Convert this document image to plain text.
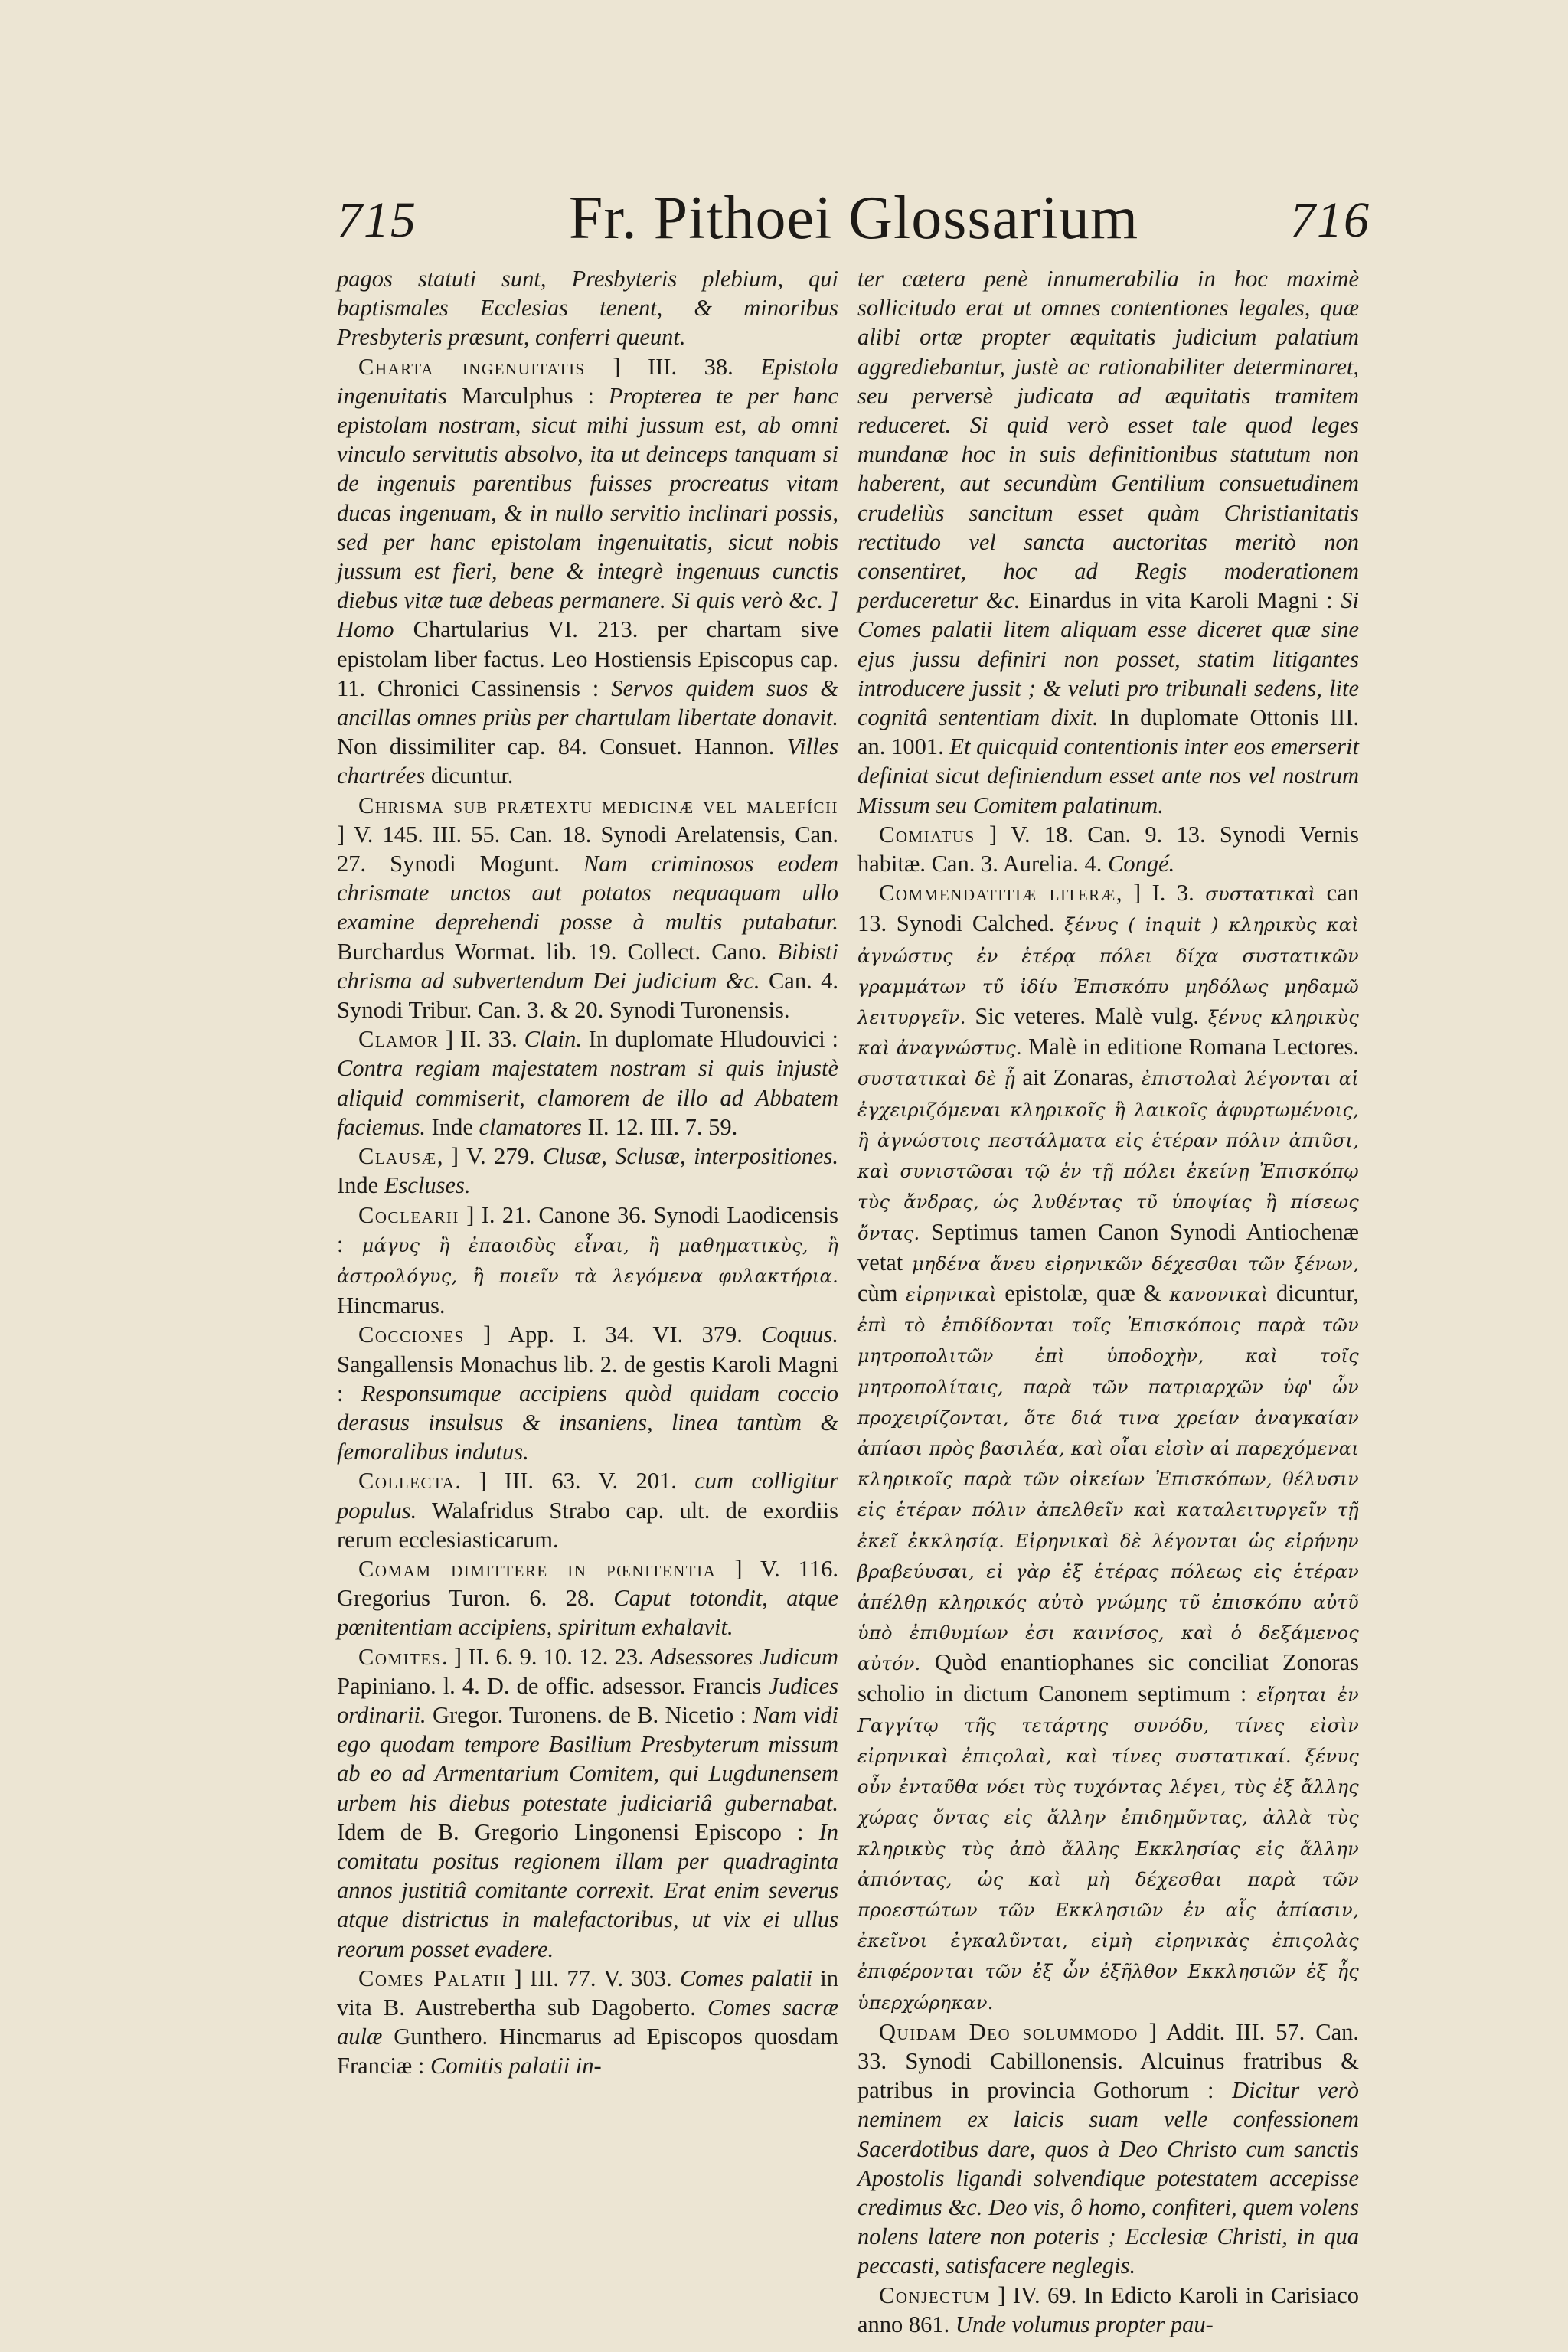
715	Fr. Pithoei Glossarium	716

pagos statuti sunt, Presbyteris plebium, qui baptismales Ecclesias tenent, & minoribus Presbyteris præsunt, conferri queunt.

Charta ingenuitatis ] III. 38. Epistola ingenuitatis Marculphus : Propterea te per hanc epistolam nostram, sicut mihi jussum est, ab omni vinculo servitutis absolvo, ita ut deinceps tanquam si de ingenuis parentibus fuisses procreatus vitam ducas ingenuam, & in nullo servitio inclinari possis, sed per hanc epistolam ingenuitatis, sicut nobis jussum est fieri, bene & integrè ingenuus cunctis diebus vitæ tuæ debeas permanere. Si quis verò &c. ] Homo Chartularius VI. 213. per chartam sive epistolam liber factus. Leo Hostiensis Episcopus cap. 11. Chronici Cassinensis : Servos quidem suos & ancillas omnes priùs per chartulam libertate donavit. Non dissimiliter cap. 84. Consuet. Hannon. Villes chartrées dicuntur.

Chrisma sub prætextu medicinæ vel malefícii ] V. 145. III. 55. Can. 18. Synodi Arelatensis, Can. 27. Synodi Mogunt. Nam criminosos eodem chrismate unctos aut potatos nequaquam ullo examine deprehendi posse à multis putabatur. Burchardus Wormat. lib. 19. Collect. Cano. Bibisti chrisma ad subvertendum Dei judicium &c. Can. 4. Synodi Tribur. Can. 3. & 20. Synodi Turonensis.

Clamor ] II. 33. Clain. In duplomate Hludouvici : Contra regiam majestatem nostram si quis injustè aliquid commiserit, clamorem de illo ad Abbatem faciemus. Inde clamatores II. 12. III. 7. 59.

Clausæ, ] V. 279. Clusæ, Sclusæ, interpositiones. Inde Escluses.

Coclearii ] I. 21. Canone 36. Synodi Laodicensis : μάγυς ἢ ἐπαοιδὺς εἶναι, ἢ μαθηματικὺς, ἢ ἀστρολόγυς, ἢ ποιεῖν τὰ λεγόμενα φυλακτήρια. Hincmarus.

Cocciones ] App. I. 34. VI. 379. Coquus. Sangallensis Monachus lib. 2. de gestis Karoli Magni : Responsumque accipiens quòd quidam coccio derasus insulsus & insaniens, linea tantùm & femoralibus indutus.

Collecta. ] III. 63. V. 201. cum colligitur populus. Walafridus Strabo cap. ult. de exordiis rerum ecclesiasticarum.

Comam dimittere in pœnitentia ] V. 116. Gregorius Turon. 6. 28. Caput totondit, atque pœnitentiam accipiens, spiritum exhalavit.

Comites. ] II. 6. 9. 10. 12. 23. Adsessores Judicum Papiniano. l. 4. D. de offic. adsessor. Francis Judices ordinarii. Gregor. Turonens. de B. Nicetio : Nam vidi ego quodam tempore Basilium Presbyterum missum ab eo ad Armentarium Comitem, qui Lugdunensem urbem his diebus potestate judiciariâ gubernabat. Idem de B. Gregorio Lingonensi Episcopo : In comitatu positus regionem illam per quadraginta annos justitiâ comitante correxit. Erat enim severus atque districtus in malefactoribus, ut vix ei ullus reorum posset evadere.

Comes Palatii ] III. 77. V. 303. Comes palatii in vita B. Austrebertha sub Dagoberto. Comes sacræ aulæ Gunthero. Hincmarus ad Episcopos quosdam Franciæ : Comitis palatii in-

ter cætera penè innumerabilia in hoc maximè sollicitudo erat ut omnes contentiones legales, quæ alibi ortæ propter æquitatis judicium palatium aggrediebantur, justè ac rationabiliter determinaret, seu perversè judicata ad æquitatis tramitem reduceret. Si quid verò esset tale quod leges mundanæ hoc in suis definitionibus statutum non haberent, aut secundùm Gentilium consuetudinem crudeliùs sancitum esset quàm Christianitatis rectitudo vel sancta auctoritas meritò non consentiret, hoc ad Regis moderationem perduceretur &c. Einardus in vita Karoli Magni : Si Comes palatii litem aliquam esse diceret quæ sine ejus jussu definiri non posset, statim litigantes introducere jussit ; & veluti pro tribunali sedens, lite cognitâ sententiam dixit. In duplomate Ottonis III. an. 1001. Et quicquid contentionis inter eos emerserit definiat sicut definiendum esset ante nos vel nostrum Missum seu Comitem palatinum.

Comiatus ] V. 18. Can. 9. 13. Synodi Vernis habitæ. Can. 3. Aurelia. 4. Congé.

Commendatitiæ literæ, ] I. 3. συστατικαὶ can 13. Synodi Calched. ξένυς ( inquit ) κληρικὺς καὶ ἀγνώστυς ἐν ἑτέρᾳ πόλει δίχα συστατικῶν γραμμάτων τῦ ἰδίυ Ἐπισκόπυ μηδόλως μηδαμῶ λειτυργεῖν. Sic veteres. Malè vulg. ξένυς κληρικὺς καὶ ἀναγνώστυς. Malè in editione Romana Lectores. συστατικαὶ δὲ ᾗ ait Zonaras, ἐπιστολαὶ λέγονται αἱ ἐγχειριζόμεναι κληρικοῖς ἢ λαικοῖς ἀφυρτωμένοις, ἢ ἀγνώστοις πεστάλματα εἰς ἑτέραν πόλιν ἀπιῦσι, καὶ συνιστῶσαι τῷ ἐν τῇ πόλει ἐκείνῃ Ἐπισκόπῳ τὺς ἄνδρας, ὡς λυθέντας τῦ ὑποψίας ἢ πίσεως ὄντας. Septimus tamen Canon Synodi Antiochenæ vetat μηδένα ἄνευ εἰρηνικῶν δέχεσθαι τῶν ξένων, cùm εἰρηνικαὶ epistolæ, quæ & κανονικαὶ dicuntur, ἐπὶ τὸ ἐπιδίδονται τοῖς Ἐπισκόποις παρὰ τῶν μητροπολιτῶν ἐπὶ ὑποδοχὴν, καὶ τοῖς μητροπολίταις, παρὰ τῶν πατριαρχῶν ὑφ' ὧν προχειρίζονται, ὅτε διά τινα χρείαν ἀναγκαίαν ἀπίασι πρὸς βασιλέα, καὶ οἷαι εἰσὶν αἱ παρεχόμεναι κληρικοῖς παρὰ τῶν οἰκείων Ἐπισκόπων, θέλυσιν εἰς ἑτέραν πόλιν ἀπελθεῖν καὶ καταλειτυργεῖν τῇ ἐκεῖ ἐκκλησίᾳ. Εἰρηνικαὶ δὲ λέγονται ὡς εἰρήνην βραβεύυσαι, εἰ γὰρ ἐξ ἑτέρας πόλεως εἰς ἑτέραν ἀπέλθῃ κληρικός αὐτὸ γνώμης τῦ ἐπισκόπυ αὐτῦ ὑπὸ ἐπιθυμίων ἐσι καινίσος, καὶ ὁ δεξάμενος αὐτόν. Quòd enantiophanes sic conciliat Zonoras scholio in dictum Canonem septimum : εἴρηται ἐν Γαγγίτῳ τῆς τετάρτης συνόδυ, τίνες εἰσὶν εἰρηνικαὶ ἐπιςολαὶ, καὶ τίνες συστατικαί. ξένυς οὖν ἐνταῦθα νόει τὺς τυχόντας λέγει, τὺς ἐξ ἄλλης χώρας ὄντας εἰς ἄλλην ἐπιδημῦντας, ἀλλὰ τὺς κληρικὺς τὺς ἀπὸ ἄλλης Εκκλησίας εἰς ἄλλην ἀπιόντας, ὡς καὶ μὴ δέχεσθαι παρὰ τῶν προεστώτων τῶν Εκκλησιῶν ἐν αἷς ἀπίασιν, ἐκεῖνοι ἐγκαλῦνται, εἰμὴ εἰρηνικὰς ἐπιςολὰς ἐπιφέρονται τῶν ἐξ ὧν ἐξῆλθον Εκκλησιῶν ἐξ ἧς ὑπερχώρηκαν.

Quidam Deo solummodo ] Addit. III. 57. Can. 33. Synodi Cabillonensis. Alcuinus fratribus & patribus in provincia Gothorum : Dicitur verò neminem ex laicis suam velle confessionem Sacerdotibus dare, quos à Deo Christo cum sanctis Apostolis ligandi solvendique potestatem accepisse credimus &c. Deo vis, ô homo, confiteri, quem volens nolens latere non poteris ; Ecclesiæ Christi, in qua peccasti, satisfacere neglegis.

Conjectum ] IV. 69. In Edicto Karoli in Carisiaco anno 861. Unde volumus propter pau-
